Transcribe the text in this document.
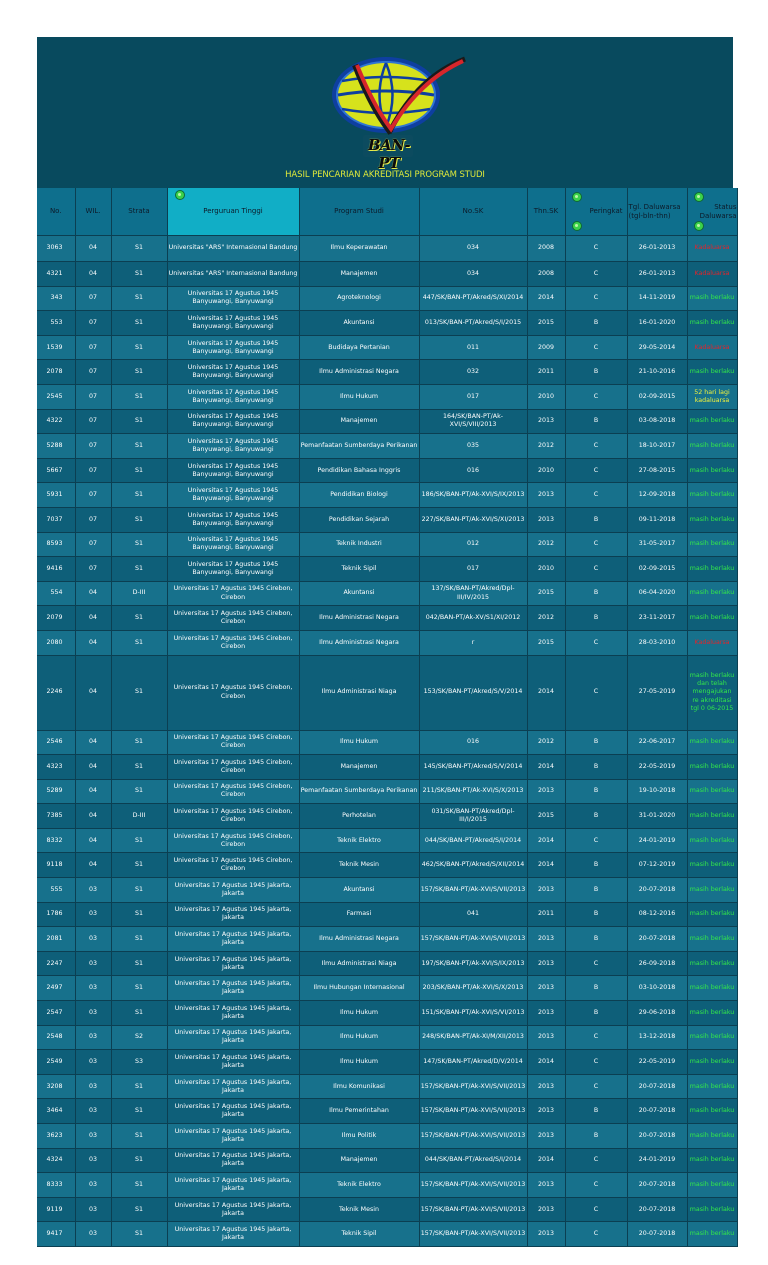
BAN-PT
HASIL PENCARIAN AKREDITASI PROGRAM STUDI
No.	WIL.	Strata	Perguruan Tinggi	Program Studi	No.SK	Thn.SK	Peringkat	Tgl. Daluwarsa (tgl-bln-thn)	Status Daluwarsa
3063	04	S1	Universitas "ARS" Internasional Bandung	Ilmu Keperawatan	034	2008	C	26-01-2013	Kadaluarsa
4321	04	S1	Universitas "ARS" Internasional Bandung	Manajemen	034	2008	C	26-01-2013	Kadaluarsa
343	07	S1	Universitas 17 Agustus 1945 Banyuwangi, Banyuwangi	Agroteknologi	447/SK/BAN-PT/Akred/S/XI/2014	2014	C	14-11-2019	masih berlaku
553	07	S1	Universitas 17 Agustus 1945 Banyuwangi, Banyuwangi	Akuntansi	013/SK/BAN-PT/Akred/S/I/2015	2015	B	16-01-2020	masih berlaku
1539	07	S1	Universitas 17 Agustus 1945 Banyuwangi, Banyuwangi	Budidaya Pertanian	011	2009	C	29-05-2014	Kadaluarsa
2078	07	S1	Universitas 17 Agustus 1945 Banyuwangi, Banyuwangi	Ilmu Administrasi Negara	032	2011	B	21-10-2016	masih berlaku
2545	07	S1	Universitas 17 Agustus 1945 Banyuwangi, Banyuwangi	Ilmu Hukum	017	2010	C	02-09-2015	52 hari lagi kadaluarsa
4322	07	S1	Universitas 17 Agustus 1945 Banyuwangi, Banyuwangi	Manajemen	164/SK/BAN-PT/Ak-XVI/S/VIII/2013	2013	B	03-08-2018	masih berlaku
5288	07	S1	Universitas 17 Agustus 1945 Banyuwangi, Banyuwangi	Pemanfaatan Sumberdaya Perikanan	035	2012	C	18-10-2017	masih berlaku
5667	07	S1	Universitas 17 Agustus 1945 Banyuwangi, Banyuwangi	Pendidikan Bahasa Inggris	016	2010	C	27-08-2015	masih berlaku
5931	07	S1	Universitas 17 Agustus 1945 Banyuwangi, Banyuwangi	Pendidikan Biologi	186/SK/BAN-PT/Ak-XVI/S/IX/2013	2013	C	12-09-2018	masih berlaku
7037	07	S1	Universitas 17 Agustus 1945 Banyuwangi, Banyuwangi	Pendidikan Sejarah	227/SK/BAN-PT/Ak-XVI/S/XI/2013	2013	B	09-11-2018	masih berlaku
8593	07	S1	Universitas 17 Agustus 1945 Banyuwangi, Banyuwangi	Teknik Industri	012	2012	C	31-05-2017	masih berlaku
9416	07	S1	Universitas 17 Agustus 1945 Banyuwangi, Banyuwangi	Teknik Sipil	017	2010	C	02-09-2015	masih berlaku
554	04	D-III	Universitas 17 Agustus 1945 Cirebon, Cirebon	Akuntansi	137/SK/BAN-PT/Akred/Dpl-III/IV/2015	2015	B	06-04-2020	masih berlaku
2079	04	S1	Universitas 17 Agustus 1945 Cirebon, Cirebon	Ilmu Administrasi Negara	042/BAN-PT/Ak-XV/S1/XI/2012	2012	B	23-11-2017	masih berlaku
2080	04	S1	Universitas 17 Agustus 1945 Cirebon, Cirebon	Ilmu Administrasi Negara	r	2015	C	28-03-2010	Kadaluarsa
2246	04	S1	Universitas 17 Agustus 1945 Cirebon, Cirebon	Ilmu Administrasi Niaga	153/SK/BAN-PT/Akred/S/V/2014	2014	C	27-05-2019	masih berlaku dan telah mengajukan re akreditasi tgl 0 06-2015
2546	04	S1	Universitas 17 Agustus 1945 Cirebon, Cirebon	Ilmu Hukum	016	2012	B	22-06-2017	masih berlaku
4323	04	S1	Universitas 17 Agustus 1945 Cirebon, Cirebon	Manajemen	145/SK/BAN-PT/Akred/S/V/2014	2014	B	22-05-2019	masih berlaku
5289	04	S1	Universitas 17 Agustus 1945 Cirebon, Cirebon	Pemanfaatan Sumberdaya Perikanan	211/SK/BAN-PT/Ak-XVI/S/X/2013	2013	B	19-10-2018	masih berlaku
7385	04	D-III	Universitas 17 Agustus 1945 Cirebon, Cirebon	Perhotelan	031/SK/BAN-PT/Akred/Dpl-III/I/2015	2015	B	31-01-2020	masih berlaku
8332	04	S1	Universitas 17 Agustus 1945 Cirebon, Cirebon	Teknik Elektro	044/SK/BAN-PT/Akred/S/I/2014	2014	C	24-01-2019	masih berlaku
9118	04	S1	Universitas 17 Agustus 1945 Cirebon, Cirebon	Teknik Mesin	462/SK/BAN-PT/Akred/S/XII/2014	2014	B	07-12-2019	masih berlaku
555	03	S1	Universitas 17 Agustus 1945 Jakarta, Jakarta	Akuntansi	157/SK/BAN-PT/Ak-XVI/S/VII/2013	2013	B	20-07-2018	masih berlaku
1786	03	S1	Universitas 17 Agustus 1945 Jakarta, Jakarta	Farmasi	041	2011	B	08-12-2016	masih berlaku
2081	03	S1	Universitas 17 Agustus 1945 Jakarta, Jakarta	Ilmu Administrasi Negara	157/SK/BAN-PT/Ak-XVI/S/VII/2013	2013	B	20-07-2018	masih berlaku
2247	03	S1	Universitas 17 Agustus 1945 Jakarta, Jakarta	Ilmu Administrasi Niaga	197/SK/BAN-PT/Ak-XVI/S/IX/2013	2013	C	26-09-2018	masih berlaku
2497	03	S1	Universitas 17 Agustus 1945 Jakarta, Jakarta	Ilmu Hubungan Internasional	203/SK/BAN-PT/Ak-XVI/S/X/2013	2013	B	03-10-2018	masih berlaku
2547	03	S1	Universitas 17 Agustus 1945 Jakarta, Jakarta	Ilmu Hukum	151/SK/BAN-PT/Ak-XVI/S/VI/2013	2013	B	29-06-2018	masih berlaku
2548	03	S2	Universitas 17 Agustus 1945 Jakarta, Jakarta	Ilmu Hukum	248/SK/BAN-PT/Ak-XI/M/XII/2013	2013	C	13-12-2018	masih berlaku
2549	03	S3	Universitas 17 Agustus 1945 Jakarta, Jakarta	Ilmu Hukum	147/SK/BAN-PT/Akred/D/V/2014	2014	C	22-05-2019	masih berlaku
3208	03	S1	Universitas 17 Agustus 1945 Jakarta, Jakarta	Ilmu Komunikasi	157/SK/BAN-PT/Ak-XVI/S/VII/2013	2013	C	20-07-2018	masih berlaku
3464	03	S1	Universitas 17 Agustus 1945 Jakarta, Jakarta	Ilmu Pemerintahan	157/SK/BAN-PT/Ak-XVI/S/VII/2013	2013	B	20-07-2018	masih berlaku
3623	03	S1	Universitas 17 Agustus 1945 Jakarta, Jakarta	Ilmu Politik	157/SK/BAN-PT/Ak-XVI/S/VII/2013	2013	B	20-07-2018	masih berlaku
4324	03	S1	Universitas 17 Agustus 1945 Jakarta, Jakarta	Manajemen	044/SK/BAN-PT/Akred/S/I/2014	2014	C	24-01-2019	masih berlaku
8333	03	S1	Universitas 17 Agustus 1945 Jakarta, Jakarta	Teknik Elektro	157/SK/BAN-PT/Ak-XVI/S/VII/2013	2013	C	20-07-2018	masih berlaku
9119	03	S1	Universitas 17 Agustus 1945 Jakarta, Jakarta	Teknik Mesin	157/SK/BAN-PT/Ak-XVI/S/VII/2013	2013	C	20-07-2018	masih berlaku
9417	03	S1	Universitas 17 Agustus 1945 Jakarta, Jakarta	Teknik Sipil	157/SK/BAN-PT/Ak-XVI/S/VII/2013	2013	C	20-07-2018	masih berlaku
